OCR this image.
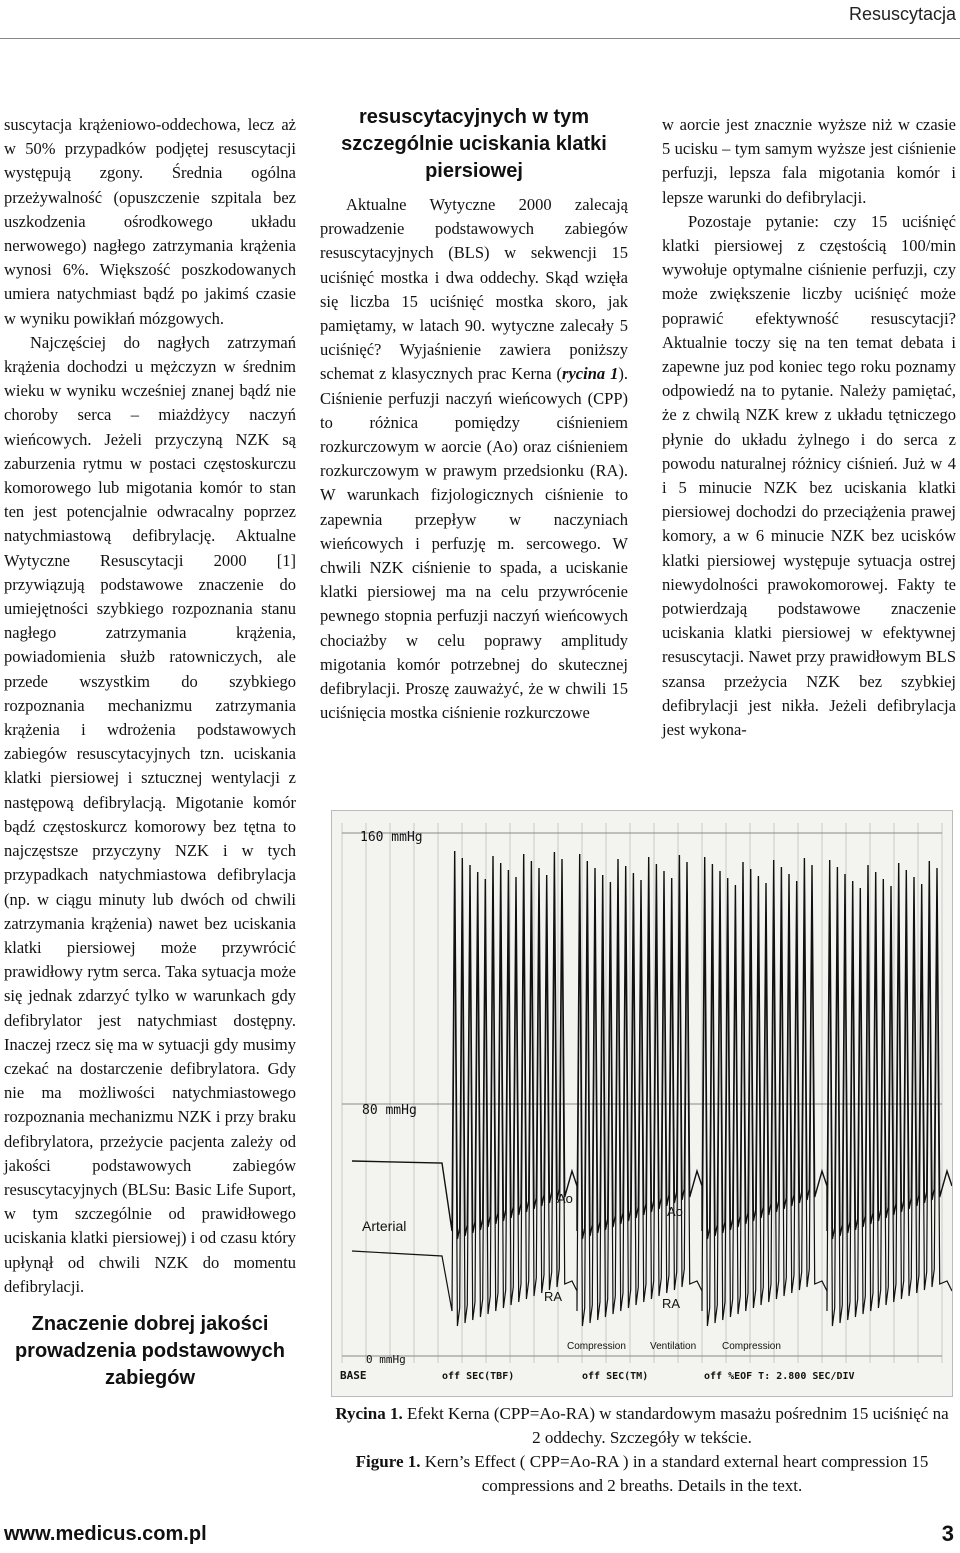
Resuscytacja

suscytacja krążeniowo-oddechowa, lecz aż w 50% przypadków podjętej resuscytacji występują zgony. Średnia ogólna przeżywalność (opuszczenie szpitala bez uszkodzenia ośrodkowego układu nerwowego) nagłego zatrzymania krążenia wynosi 6%. Większość poszkodowanych umiera natychmiast bądź po jakimś czasie w wyniku powikłań mózgowych.

Najczęściej do nagłych zatrzymań krążenia dochodzi u mężczyzn w średnim wieku w wyniku wcześniej znanej bądź nie choroby serca – miażdżycy naczyń wieńcowych. Jeżeli przyczyną NZK są zaburzenia rytmu w postaci częstoskurczu komorowego lub migotania komór to stan ten jest potencjalnie odwracalny poprzez natychmiastową defibrylację. Aktualne Wytyczne Resuscytacji 2000 [1] przywiązują podstawowe znaczenie do umiejętności szybkiego rozpoznania stanu nagłego zatrzymania krążenia, powiadomienia służb ratowniczych, ale przede wszystkim do szybkiego rozpoznania mechanizmu zatrzymania krążenia i wdrożenia podstawowych zabiegów resuscytacyjnych tzn. uciskania klatki piersiowej i sztucznej wentylacji z następową defibrylacją. Migotanie komór bądź częstoskurcz komorowy bez tętna to najczęstsze przyczyny NZK i w tych przypadkach natychmiastowa defibrylacja (np. w ciągu minuty lub dwóch od chwili zatrzymania krążenia) nawet bez uciskania klatki piersiowej może przywrócić prawidłowy rytm serca. Taka sytuacja może się jednak zdarzyć tylko w warunkach gdy defibrylator jest natychmiast dostępny. Inaczej rzecz się ma w sytuacji gdy musimy czekać na dostarczenie defibrylatora. Gdy nie ma możliwości natychmiastowego rozpoznania mechanizmu NZK i przy braku defibrylatora, przeżycie pacjenta zależy od jakości podstawowych zabiegów resuscytacyjnych (BLSu: Basic Life Suport, w tym szczególnie od prawidłowego uciskania klatki piersiowej) i od czasu który upłynął od chwili NZK do momentu defibrylacji.

Znaczenie dobrej jakości prowadzenia podstawowych zabiegów
resuscytacyjnych w tym szczególnie uciskania klatki piersiowej

Aktualne Wytyczne 2000 zalecają prowadzenie podstawowych zabiegów resuscytacyjnych (BLS) w sekwencji 15 uciśnięć mostka i dwa oddechy. Skąd wzięła się liczba 15 uciśnięć mostka skoro, jak pamiętamy, w latach 90. wytyczne zalecały 5 uciśnięć? Wyjaśnienie zawiera poniższy schemat z klasycznych prac Kerna (rycina 1). Ciśnienie perfuzji naczyń wieńcowych (CPP) to różnica pomiędzy ciśnieniem rozkurczowym w aorcie (Ao) oraz ciśnieniem rozkurczowym w prawym przedsionku (RA). W warunkach fizjologicznych ciśnienie to zapewnia przepływ w naczyniach wieńcowych i perfuzję m. sercowego. W chwili NZK ciśnienie to spada, a uciskanie klatki piersiowej ma na celu przywrócenie pewnego stopnia perfuzji naczyń wieńcowych chociażby w celu poprawy amplitudy migotania komór potrzebnej do skutecznej defibrylacji. Proszę zauważyć, że w chwili 15 uciśnięcia mostka ciśnienie rozkurczowe

w aorcie jest znacznie wyższe niż w czasie 5 ucisku – tym samym wyższe jest ciśnienie perfuzji, lepsza fala migotania komór i lepsze warunki do defibrylacji.

Pozostaje pytanie: czy 15 uciśnięć klatki piersiowej z częstością 100/min wywołuje optymalne ciśnienie perfuzji, czy może zwiększenie liczby uciśnięć może poprawić efektywność resuscytacji? Aktualnie toczy się na ten temat debata i zapewne juz pod koniec tego roku poznamy odpowiedź na to pytanie. Należy pamiętać, że z chwilą NZK krew z układu tętniczego płynie do układu żylnego i do serca z powodu naturalnej różnicy ciśnień. Już w 4 i 5 minucie NZK bez uciskania klatki piersiowej dochodzi do przeciążenia prawej komory, a w 6 minucie NZK bez ucisków klatki piersiowej występuje sytuacja ostrej niewydolności prawokomorowej. Fakty te potwierdzają podstawowe znaczenie uciskania klatki piersiowej w efektywnej resuscytacji. Nawet przy prawidłowym BLS szansa przeżycia NZK bez szybkiej defibrylacji jest nikła. Jeżeli defibrylacja jest wykona-

160 mmHg
80 mmHg
0 mmHg
Arterial
Ao
Ao
RA	RA
Compression Ventilation	Compression
BASE	off SEC(TBF)	off SEC(TM)	off %EOF T: 2.800 SEC/DIV
Rycina 1. Efekt Kerna (CPP=Ao-RA) w standardowym masażu pośrednim 15 uciśnięć na 2 oddechy. Szczegóły w tekście.
Figure 1. Kern’s Effect ( CPP=Ao-RA ) in a standard external heart compression 15 compressions and 2 breaths. Details in the text.
www.medicus.com.pl	3
